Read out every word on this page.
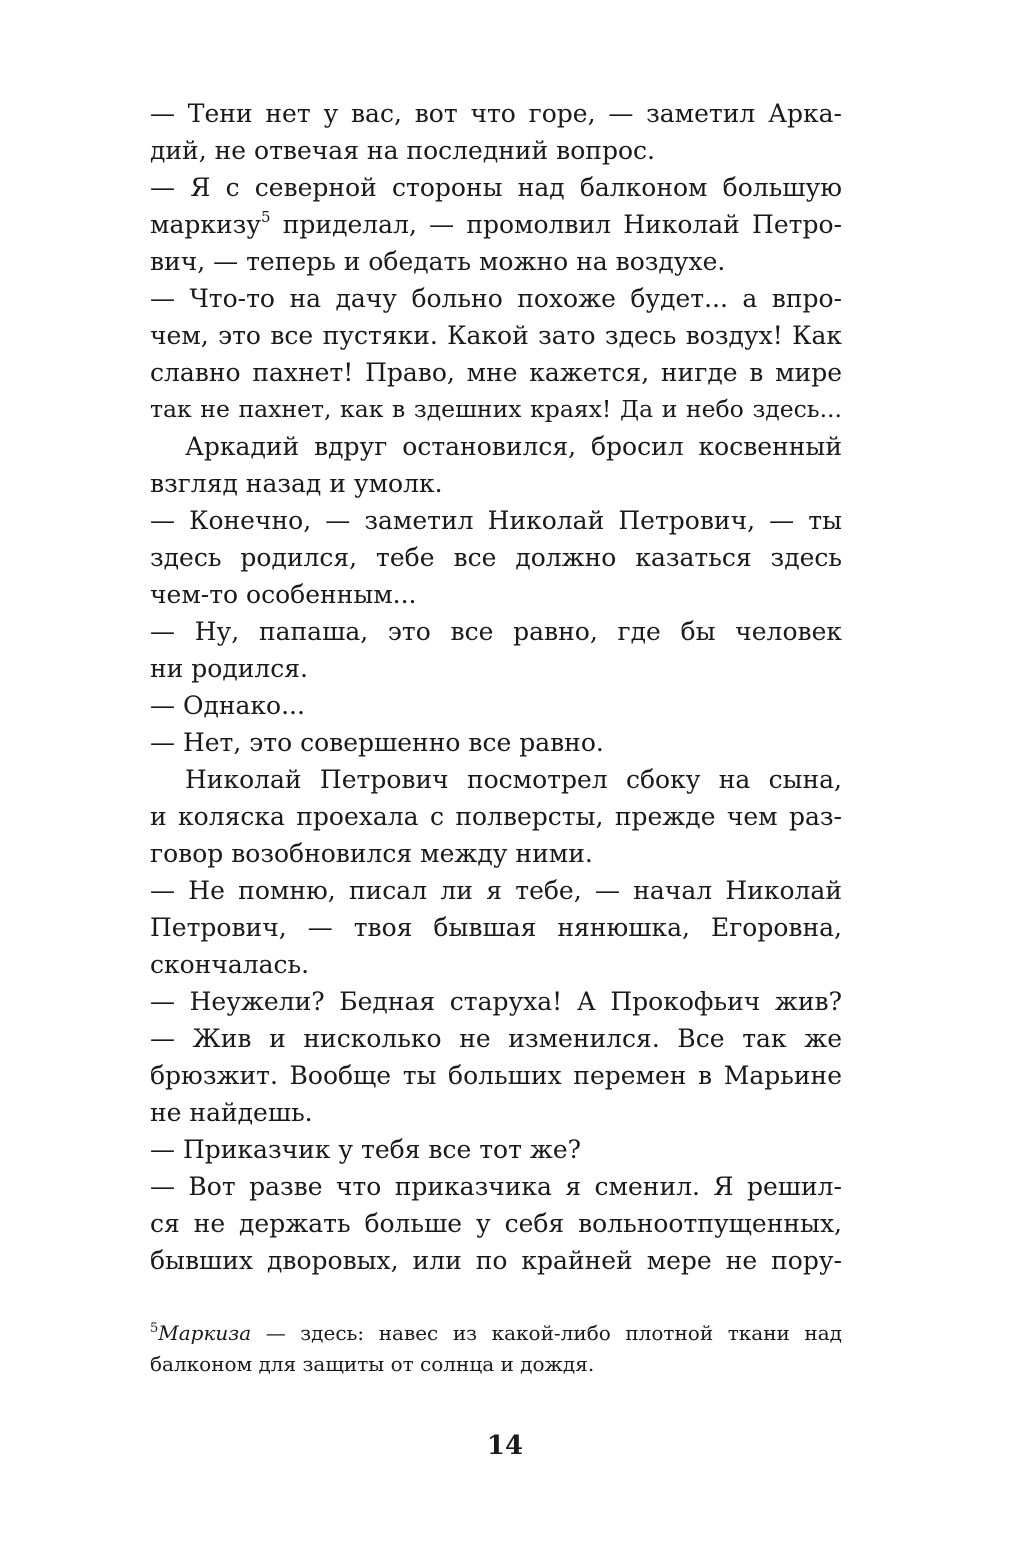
— Тени нет у вас, вот что горе, — заметил Арка-
дий, не отвечая на последний вопрос.
— Я с северной стороны над балконом большую
маркизу$^5$ приделал, — промолвил Николай Петро-
вич, — теперь и обедать можно на воздухе.
— Что-то на дачу больно похоже будет... а впро-
чем, это все пустяки. Какой зато здесь воздух! Как
славно пахнет! Право, мне кажется, нигде в мире
так не пахнет, как в здешних краях! Да и небо здесь...
Аркадий вдруг остановился, бросил косвенный
взгляд назад и умолк.
— Конечно, — заметил Николай Петрович, — ты
здесь родился, тебе все должно казаться здесь
чем-то особенным...
— Ну, папаша, это все равно, где бы человек
ни родился.
— Однако...
— Нет, это совершенно все равно.
Николай Петрович посмотрел сбоку на сына,
и коляска проехала с полверсты, прежде чем раз-
говор возобновился между ними.
— Не помню, писал ли я тебе, — начал Николай
Петрович, — твоя бывшая нянюшка, Егоровна,
скончалась.
— Неужели? Бедная старуха! А Прокофьич жив?
— Жив и нисколько не изменился. Все так же
брюзжит. Вообще ты больших перемен в Марьине
не найдешь.
— Приказчик у тебя все тот же?
— Вот разве что приказчика я сменил. Я решил-
ся не держать больше у себя вольноотпущенных,
бывших дворовых, или по крайней мере не пору-
$^5$Маркиза — здесь: навес из какой-либо плотной ткани над
балконом для защиты от солнца и дождя.
14
